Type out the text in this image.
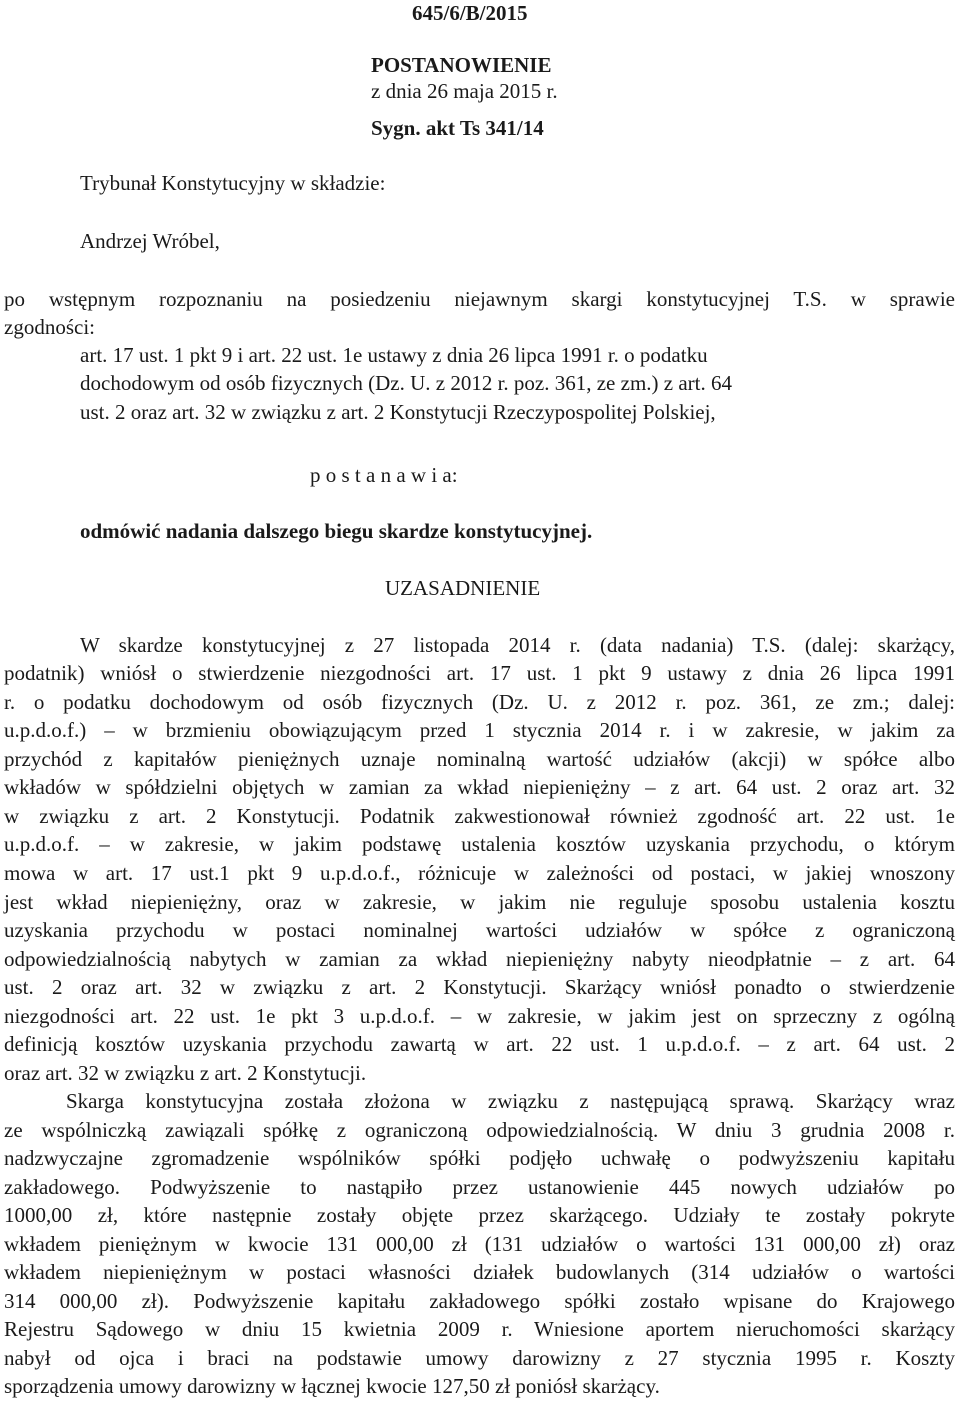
645/6/B/2015
POSTANOWIENIE
z dnia 26 maja 2015 r.
Sygn. akt Ts 341/14
Trybunał Konstytucyjny w składzie:
Andrzej Wróbel,
po wstępnym rozpoznaniu na posiedzeniu niejawnym skargi konstytucyjnej T.S. w sprawie
zgodności:
art. 17 ust. 1 pkt 9 i art. 22 ust. 1e ustawy z dnia 26 lipca 1991 r. o podatku
dochodowym od osób fizycznych (Dz. U. z 2012 r. poz. 361, ze zm.) z art. 64
ust. 2 oraz art. 32 w związku z art. 2 Konstytucji Rzeczypospolitej Polskiej,
p o s t a n a w i a:
odmówić nadania dalszego biegu skardze konstytucyjnej.
UZASADNIENIE
W skardze konstytucyjnej z 27 listopada 2014 r. (data nadania) T.S. (dalej: skarżący,
podatnik) wniósł o stwierdzenie niezgodności art. 17 ust. 1 pkt 9 ustawy z dnia 26 lipca 1991
r. o podatku dochodowym od osób fizycznych (Dz. U. z 2012 r. poz. 361, ze zm.; dalej:
u.p.d.o.f.) – w brzmieniu obowiązującym przed 1 stycznia 2014 r. i w zakresie, w jakim za
przychód z kapitałów pieniężnych uznaje nominalną wartość udziałów (akcji) w spółce albo
wkładów w spółdzielni objętych w zamian za wkład niepieniężny – z art. 64 ust. 2 oraz art. 32
w związku z art. 2 Konstytucji. Podatnik zakwestionował również zgodność art. 22 ust. 1e
u.p.d.o.f. – w zakresie, w jakim podstawę ustalenia kosztów uzyskania przychodu, o którym
mowa w art. 17 ust.1 pkt 9 u.p.d.o.f., różnicuje w zależności od postaci, w jakiej wnoszony
jest wkład niepieniężny, oraz w zakresie, w jakim nie reguluje sposobu ustalenia kosztu
uzyskania przychodu w postaci nominalnej wartości udziałów w spółce z ograniczoną
odpowiedzialnością nabytych w zamian za wkład niepieniężny nabyty nieodpłatnie – z art. 64
ust. 2 oraz art. 32 w związku z art. 2 Konstytucji. Skarżący wniósł ponadto o stwierdzenie
niezgodności art. 22 ust. 1e pkt 3 u.p.d.o.f. – w zakresie, w jakim jest on sprzeczny z ogólną
definicją kosztów uzyskania przychodu zawartą w art. 22 ust. 1 u.p.d.o.f. – z art. 64 ust. 2
oraz art. 32 w związku z art. 2 Konstytucji.
Skarga konstytucyjna została złożona w związku z następującą sprawą. Skarżący wraz
ze wspólniczką zawiązali spółkę z ograniczoną odpowiedzialnością. W dniu 3 grudnia 2008 r.
nadzwyczajne zgromadzenie wspólników spółki podjęło uchwałę o podwyższeniu kapitału
zakładowego. Podwyższenie to nastąpiło przez ustanowienie 445 nowych udziałów po
1000,00 zł, które następnie zostały objęte przez skarżącego. Udziały te zostały pokryte
wkładem pieniężnym w kwocie 131 000,00 zł (131 udziałów o wartości 131 000,00 zł) oraz
wkładem niepieniężnym w postaci własności działek budowlanych (314 udziałów o wartości
314 000,00 zł). Podwyższenie kapitału zakładowego spółki zostało wpisane do Krajowego
Rejestru Sądowego w dniu 15 kwietnia 2009 r. Wniesione aportem nieruchomości skarżący
nabył od ojca i braci na podstawie umowy darowizny z 27 stycznia 1995 r. Koszty
sporządzenia umowy darowizny w łącznej kwocie 127,50 zł poniósł skarżący.
